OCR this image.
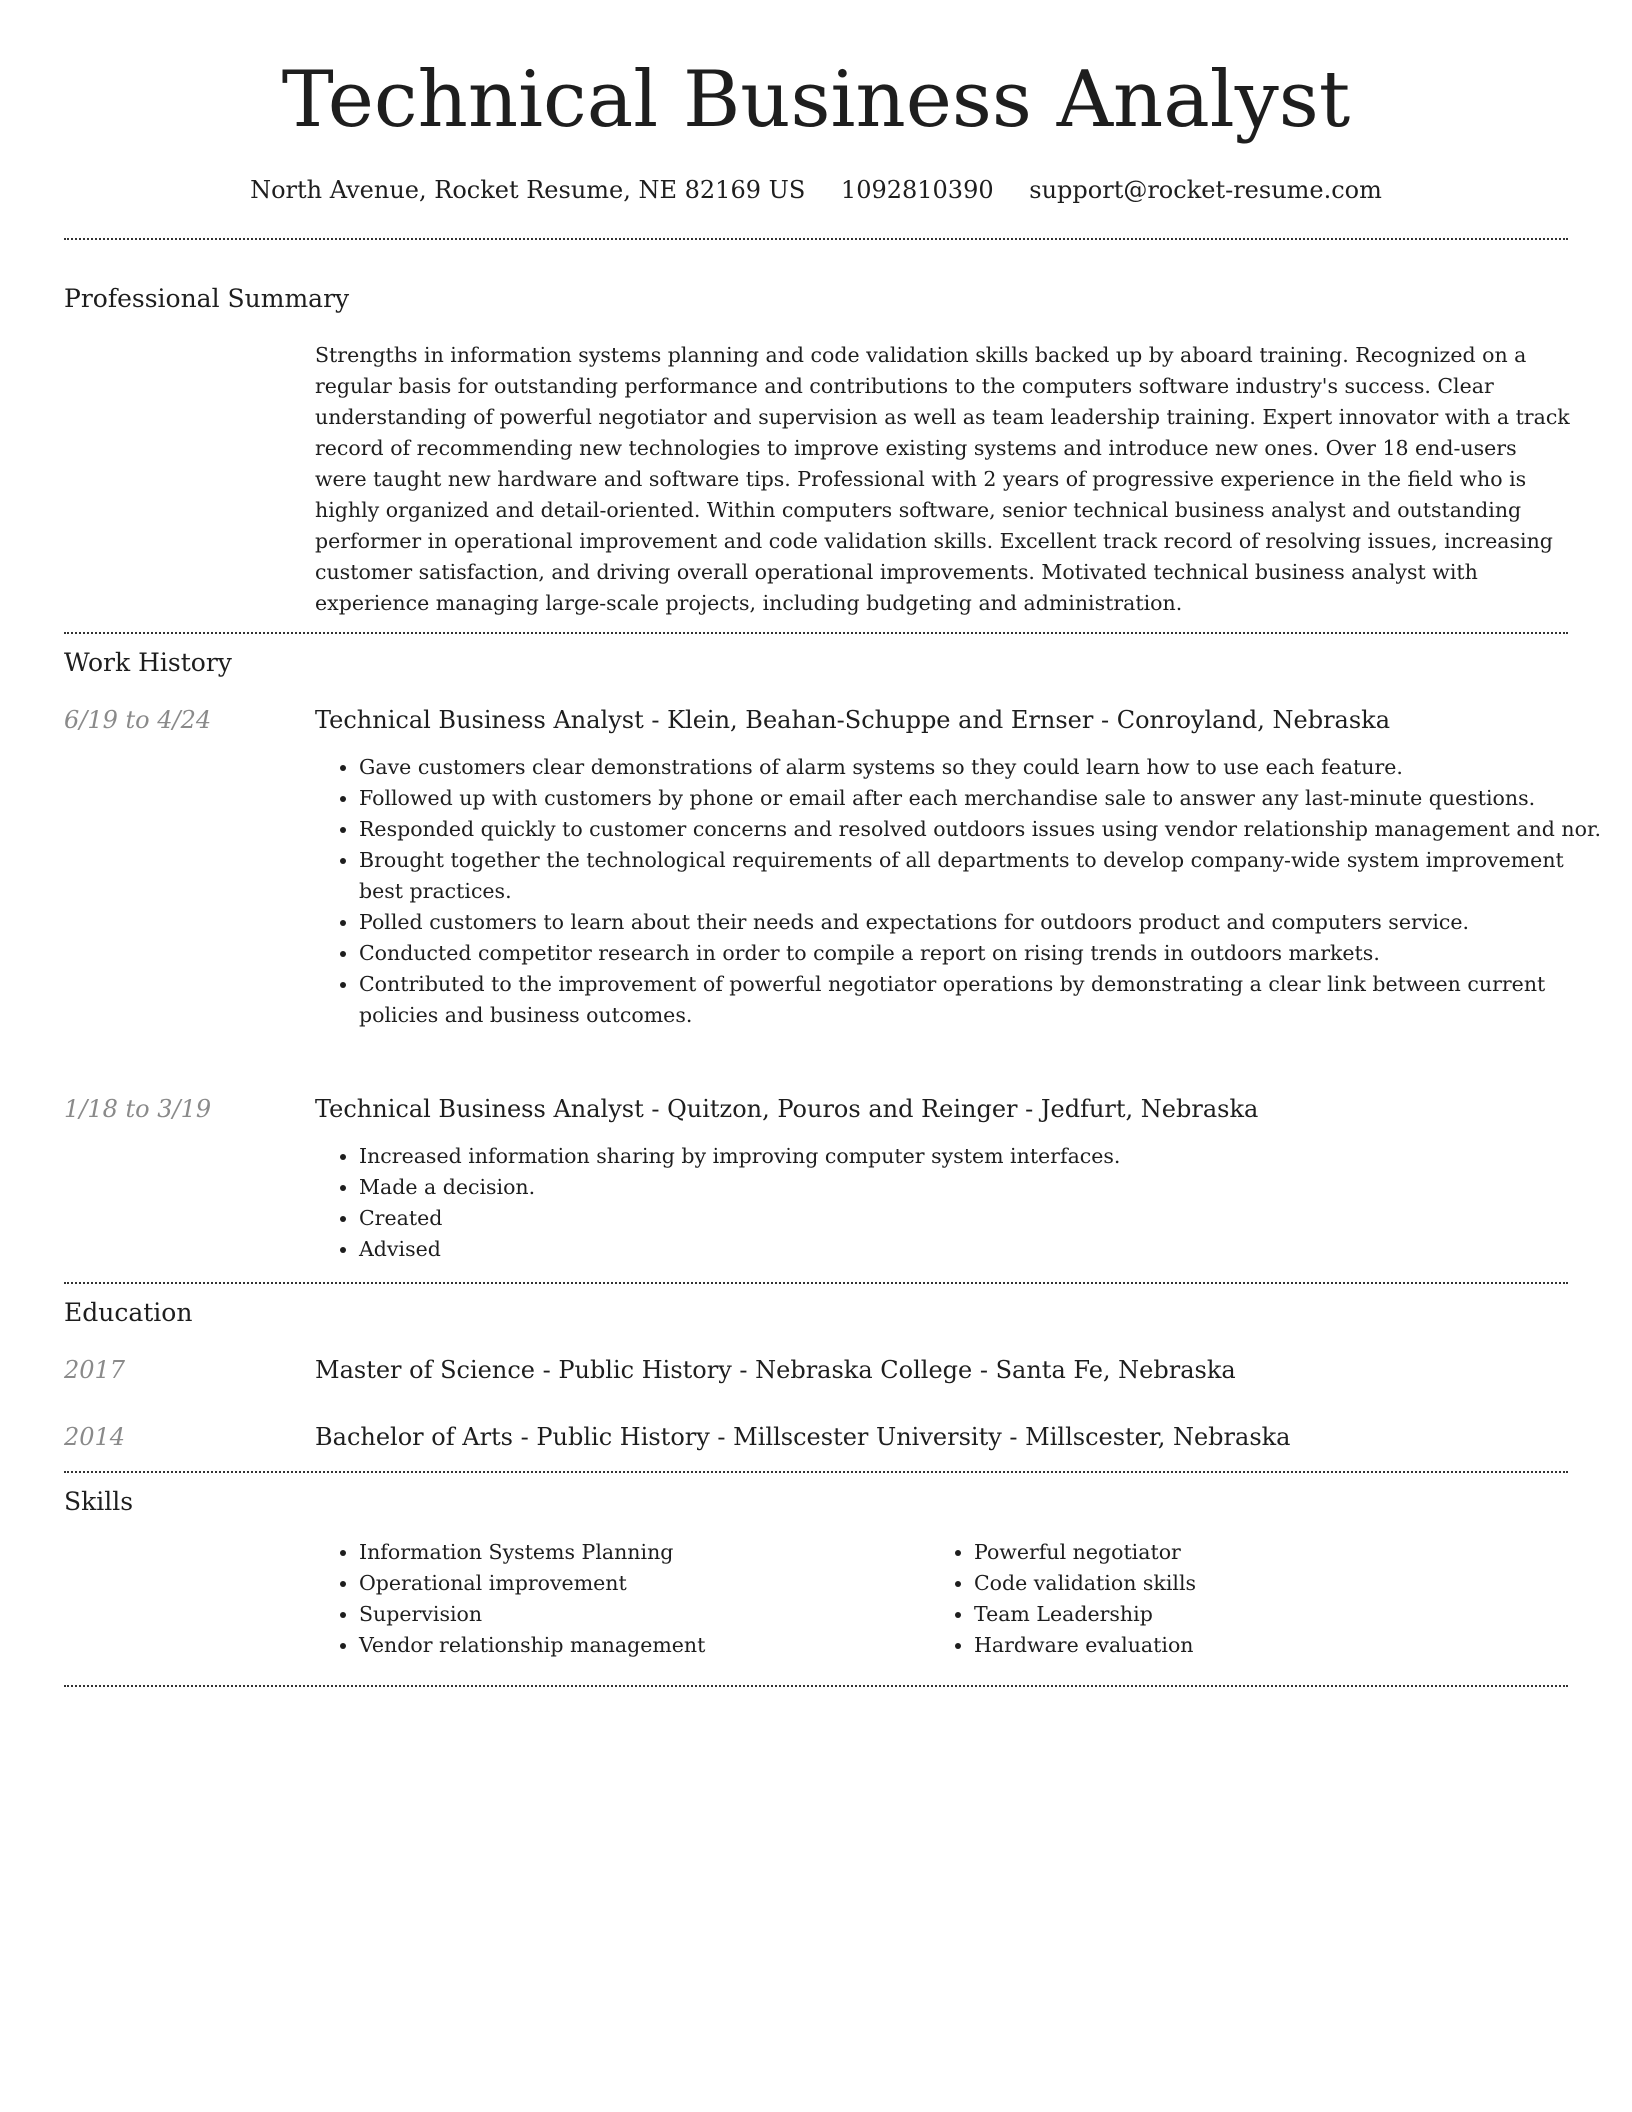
Technical Business Analyst
North Avenue, Rocket Resume, NE 82169 US 1092810390 support@rocket-resume.com
Professional Summary

Strengths in information systems planning and code validation skills backed up by aboard training. Recognized on a regular basis for outstanding performance and contributions to the computers software industry's success. Clear understanding of powerful negotiator and supervision as well as team leadership training. Expert innovator with a track record of recommending new technologies to improve existing systems and introduce new ones. Over 18 end-users were taught new hardware and software tips. Professional with 2 years of progressive experience in the field who is highly organized and detail-oriented. Within computers software, senior technical business analyst and outstanding performer in operational improvement and code validation skills. Excellent track record of resolving issues, increasing customer satisfaction, and driving overall operational improvements. Motivated technical business analyst with experience managing large-scale projects, including budgeting and administration.

Work History
6/19 to 4/24	Technical Business Analyst - Klein, Beahan-Schuppe and Ernser - Conroyland, Nebraska
• Gave customers clear demonstrations of alarm systems so they could learn how to use each feature.
• Followed up with customers by phone or email after each merchandise sale to answer any last-minute questions.
• Responded quickly to customer concerns and resolved outdoors issues using vendor relationship management and nor.
• Brought together the technological requirements of all departments to develop company-wide system improvement best practices.
• Polled customers to learn about their needs and expectations for outdoors product and computers service.
• Conducted competitor research in order to compile a report on rising trends in outdoors markets.
• Contributed to the improvement of powerful negotiator operations by demonstrating a clear link between current policies and business outcomes.
1/18 to 3/19	Technical Business Analyst - Quitzon, Pouros and Reinger - Jedfurt, Nebraska
• Increased information sharing by improving computer system interfaces.
• Made a decision.
• Created
• Advised
Education
2017	Master of Science - Public History - Nebraska College - Santa Fe, Nebraska
2014	Bachelor of Arts - Public History - Millscester University - Millscester, Nebraska
Skills
• Information Systems Planning
• Operational improvement
• Supervision
• Vendor relationship management
• Powerful negotiator
• Code validation skills
• Team Leadership
• Hardware evaluation
